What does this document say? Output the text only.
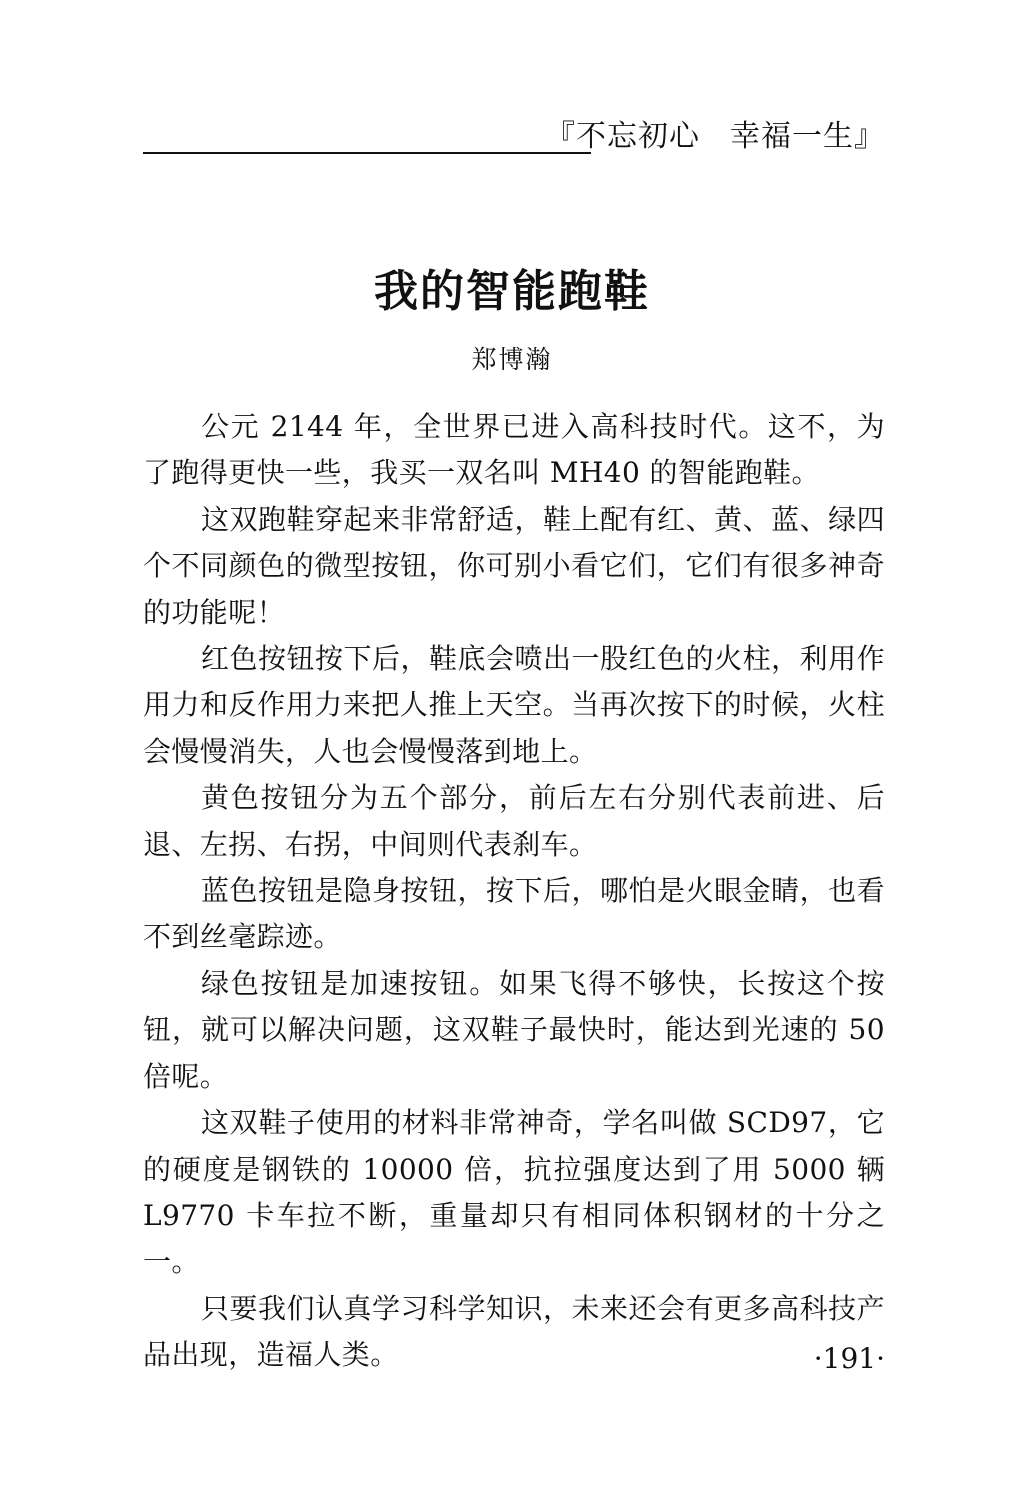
『不忘初心 幸福一生』
我的智能跑鞋
郑博瀚

公元 2144 年，全世界已进入高科技时代。这不，为了跑得更快一些，我买一双名叫 MH40 的智能跑鞋。

这双跑鞋穿起来非常舒适，鞋上配有红、黄、蓝、绿四个不同颜色的微型按钮，你可别小看它们，它们有很多神奇的功能呢！

红色按钮按下后，鞋底会喷出一股红色的火柱，利用作用力和反作用力来把人推上天空。当再次按下的时候，火柱会慢慢消失，人也会慢慢落到地上。

黄色按钮分为五个部分，前后左右分别代表前进、后退、左拐、右拐，中间则代表刹车。

蓝色按钮是隐身按钮，按下后，哪怕是火眼金睛，也看不到丝毫踪迹。

绿色按钮是加速按钮。如果飞得不够快，长按这个按钮，就可以解决问题，这双鞋子最快时，能达到光速的 50 倍呢。

这双鞋子使用的材料非常神奇，学名叫做 SCD97，它的硬度是钢铁的 10000 倍，抗拉强度达到了用 5000 辆 L9770 卡车拉不断，重量却只有相同体积钢材的十分之一。

只要我们认真学习科学知识，未来还会有更多高科技产品出现，造福人类。	·191·
